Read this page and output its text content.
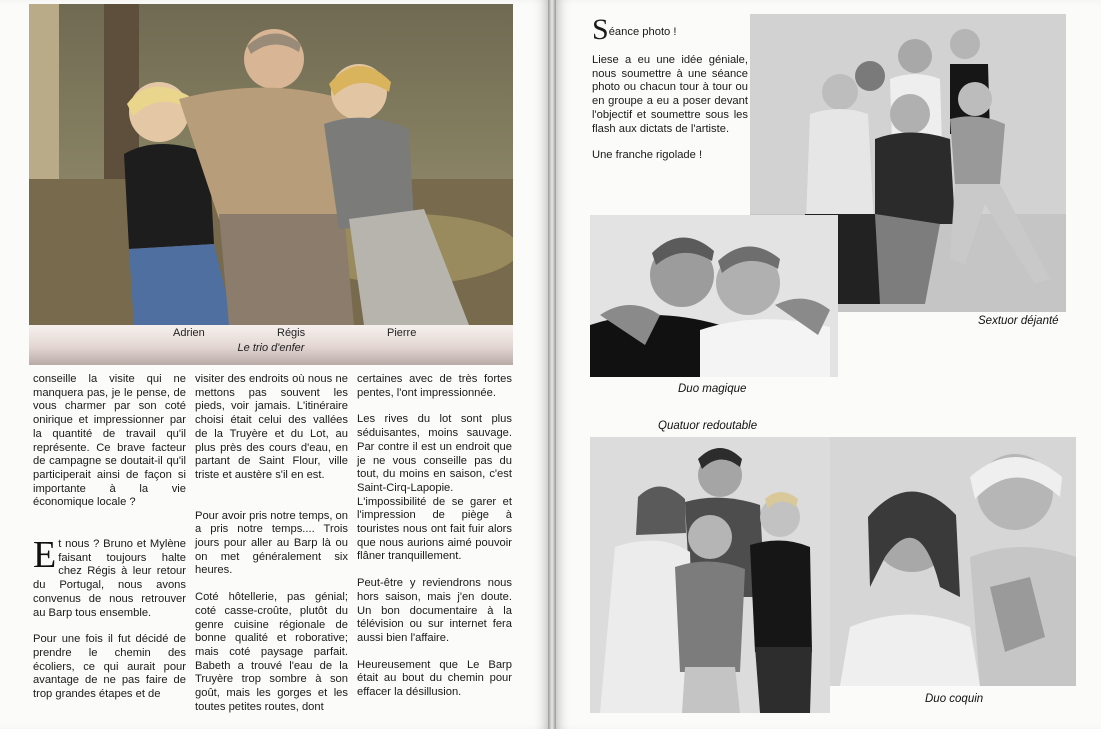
Adrien	Régis	Pierre
Le trio d'enfer

conseille la visite qui ne manquera pas, je le pense, de vous charmer par son coté onirique et impressionner par la quantité de travail qu'il représente. Ce brave facteur de campagne se doutait-il qu'il participerait ainsi de façon si importante à la vie économique locale ?

Et nous ? Bruno et Mylène faisant toujours halte chez Régis à leur retour du Portugal, nous avons convenus de nous retrouver au Barp tous ensemble.

Pour une fois il fut décidé de prendre le chemin des écoliers, ce qui aurait pour avantage de ne pas faire de trop grandes étapes et de

visiter des endroits où nous ne mettons pas souvent les pieds, voir jamais. L'itinéraire choisi était celui des vallées de la Truyère et du Lot, au plus près des cours d'eau, en partant de Saint Flour, ville triste et austère s'il en est.

Pour avoir pris notre temps, on a pris notre temps.... Trois jours pour aller au Barp là ou on met généralement six heures.

Coté hôtellerie, pas génial; coté casse-croûte, plutôt du genre cuisine régionale de bonne qualité et roborative; mais coté paysage parfait. Babeth a trouvé l'eau de la Truyère trop sombre à son goût, mais les gorges et les toutes petites routes, dont

certaines avec de très fortes pentes, l'ont impressionnée.

Les rives du lot sont plus séduisantes, moins sauvage. Par contre il est un endroit que je ne vous conseille pas du tout, du moins en saison, c'est Saint-Cirq-Lapopie. L'impossibilité de se garer et l'impression de piège à touristes nous ont fait fuir alors que nous aurions aimé pouvoir flâner tranquillement.

Peut-être y reviendrons nous hors saison, mais j'en doute. Un bon documentaire à la télévision ou sur internet fera aussi bien l'affaire.

Heureusement que Le Barp était au bout du chemin pour effacer la désillusion.

Séance photo !

Liese a eu une idée géniale, nous soumettre à une séance photo ou chacun tour à tour ou en groupe a eu a poser devant l'objectif et soumettre sous les flash aux dictats de l'artiste.

Une franche rigolade !

Sextuor déjanté
Duo magique
Quatuor redoutable
Duo coquin
